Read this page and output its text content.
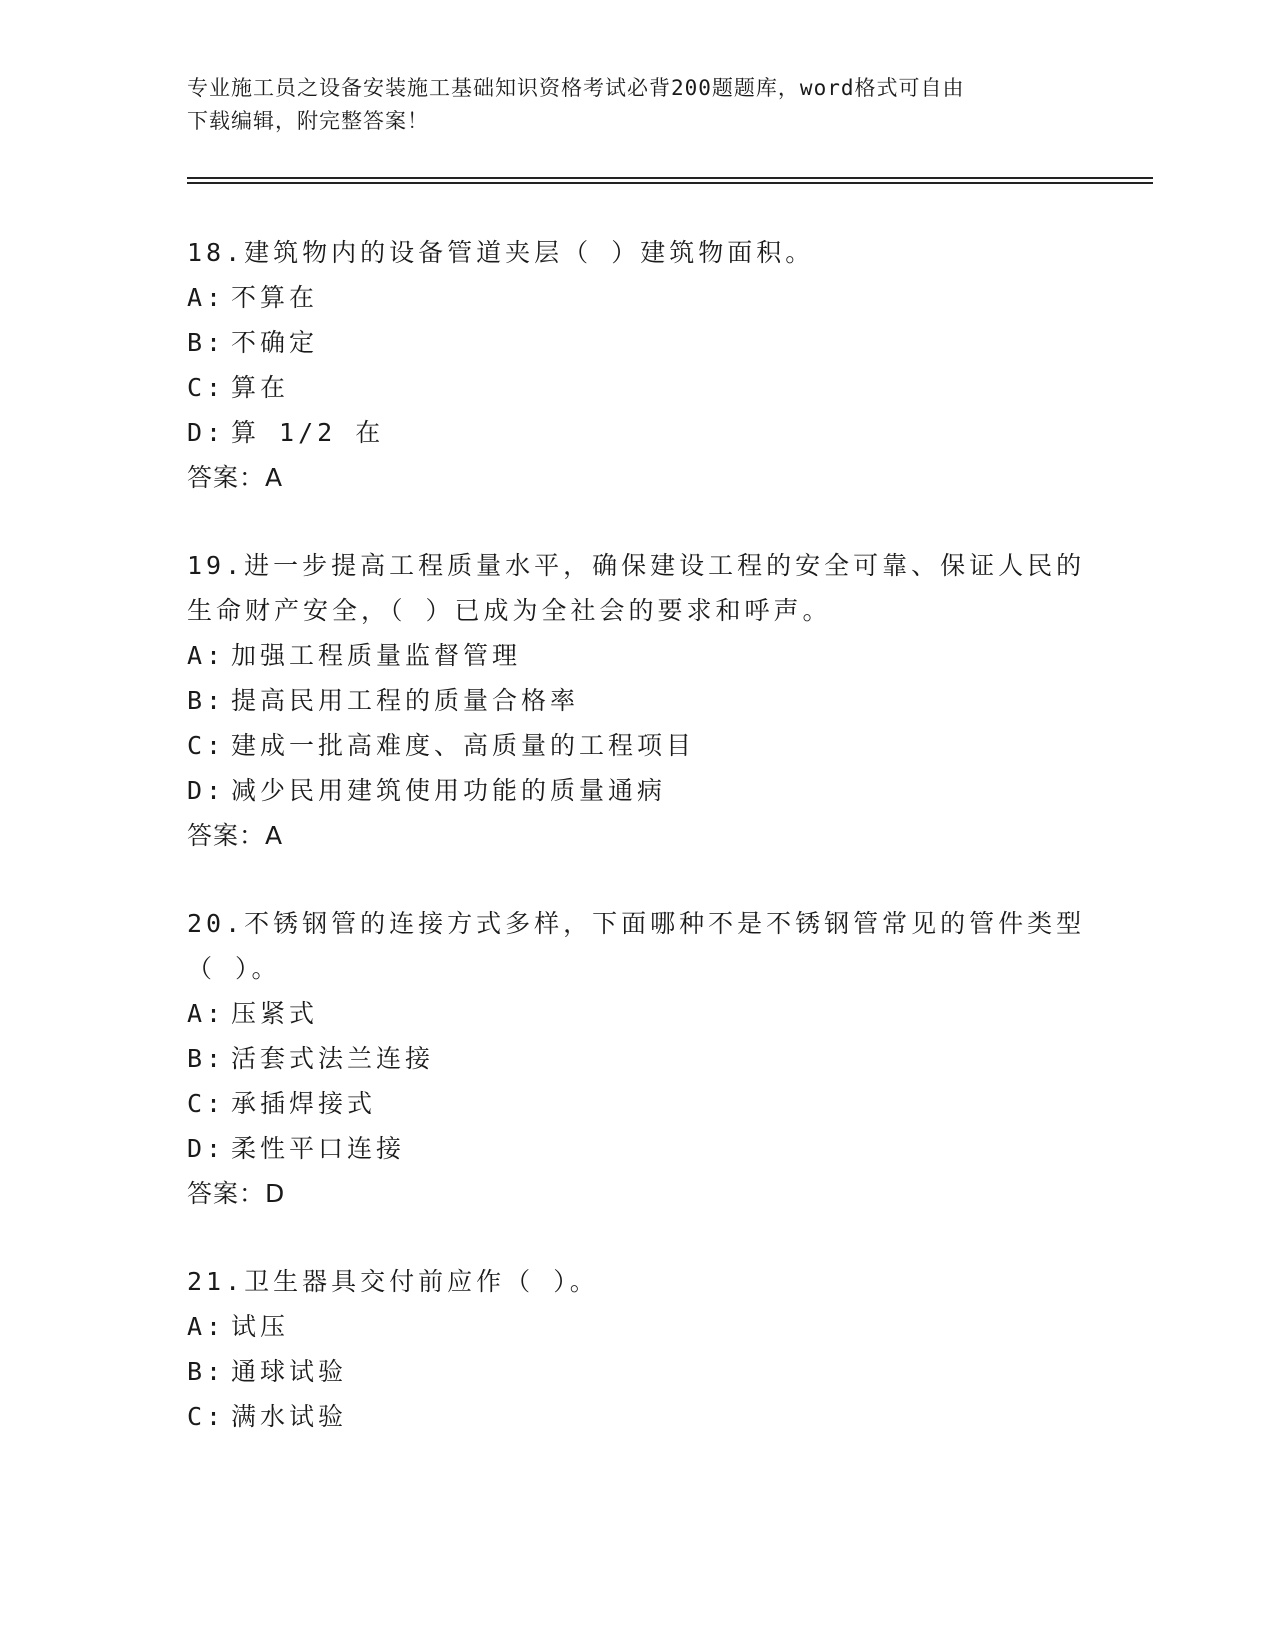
专业施工员之设备安装施工基础知识资格考试必背200题题库，word格式可自由
下载编辑，附完整答案！
18.建筑物内的设备管道夹层（ ）建筑物面积。
A: 不算在
B: 不确定
C: 算在
D: 算 1/2 在
答案：A
19.进一步提高工程质量水平，确保建设工程的安全可靠、保证人民的
生命财产安全，（ ）已成为全社会的要求和呼声。
A: 加强工程质量监督管理
B: 提高民用工程的质量合格率
C: 建成一批高难度、高质量的工程项目
D: 减少民用建筑使用功能的质量通病
答案：A
20.不锈钢管的连接方式多样，下面哪种不是不锈钢管常见的管件类型
（ ）。
A: 压紧式
B: 活套式法兰连接
C: 承插焊接式
D: 柔性平口连接
答案：D
21.卫生器具交付前应作（ ）。
A: 试压
B: 通球试验
C: 满水试验
